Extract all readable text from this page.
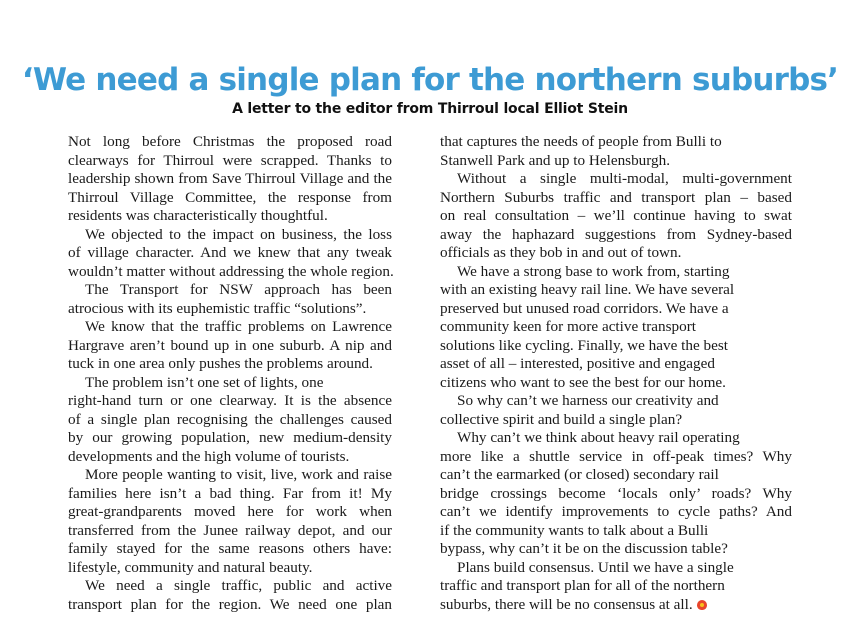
‘We need a single plan for the northern suburbs’
A letter to the editor from Thirroul local Elliot Stein
Not long before Christmas the proposed road
clearways for Thirroul were scrapped. Thanks to
leadership shown from Save Thirroul Village and the
Thirroul Village Committee, the response from
residents was characteristically thoughtful.
We objected to the impact on business, the loss
of village character. And we knew that any tweak
wouldn’t matter without addressing the whole region.
The Transport for NSW approach has been
atrocious with its euphemistic traffic “solutions”.
We know that the traffic problems on Lawrence
Hargrave aren’t bound up in one suburb. A nip and
tuck in one area only pushes the problems around.
The problem isn’t one set of lights, one
right-hand turn or one clearway. It is the absence
of a single plan recognising the challenges caused
by our growing population, new medium-density
developments and the high volume of tourists.
More people wanting to visit, live, work and raise
families here isn’t a bad thing. Far from it! My
great-grandparents moved here for work when
transferred from the Junee railway depot, and our
family stayed for the same reasons others have:
lifestyle, community and natural beauty.
We need a single traffic, public and active
transport plan for the region. We need one plan
that captures the needs of people from Bulli to
Stanwell Park and up to Helensburgh.
Without a single multi-modal, multi-government
Northern Suburbs traffic and transport plan – based
on real consultation – we’ll continue having to swat
away the haphazard suggestions from Sydney-based
officials as they bob in and out of town.
We have a strong base to work from, starting
with an existing heavy rail line. We have several
preserved but unused road corridors. We have a
community keen for more active transport
solutions like cycling. Finally, we have the best
asset of all – interested, positive and engaged
citizens who want to see the best for our home.
So why can’t we harness our creativity and
collective spirit and build a single plan?
Why can’t we think about heavy rail operating
more like a shuttle service in off-peak times? Why
can’t the earmarked (or closed) secondary rail
bridge crossings become ‘locals only’ roads? Why
can’t we identify improvements to cycle paths? And
if the community wants to talk about a Bulli
bypass, why can’t it be on the discussion table?
Plans build consensus. Until we have a single
traffic and transport plan for all of the northern
suburbs, there will be no consensus at all.
